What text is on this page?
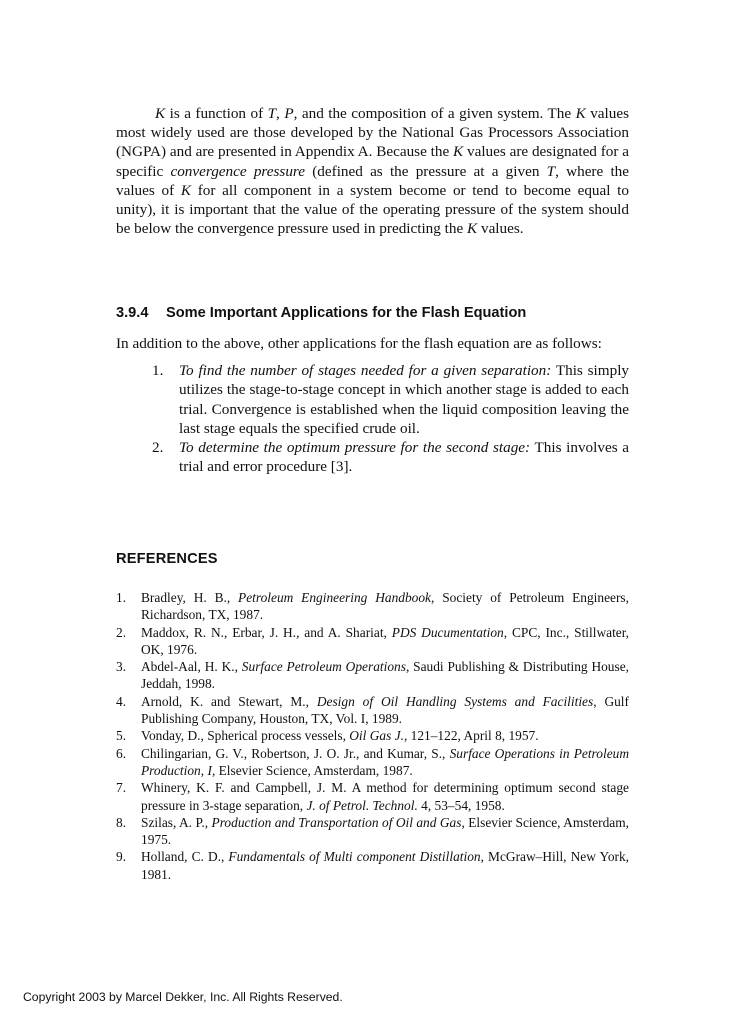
K is a function of T, P, and the composition of a given system. The K values most widely used are those developed by the National Gas Processors Association (NGPA) and are presented in Appendix A. Because the K values are designated for a specific convergence pressure (defined as the pressure at a given T, where the values of K for all component in a system become or tend to become equal to unity), it is important that the value of the operating pressure of the system should be below the convergence pressure used in predicting the K values.

3.9.4 Some Important Applications for the Flash Equation

In addition to the above, other applications for the flash equation are as follows:

1. To find the number of stages needed for a given separation: This simply utilizes the stage-to-stage concept in which another stage is added to each trial. Convergence is established when the liquid composition leaving the last stage equals the specified crude oil.
2. To determine the optimum pressure for the second stage: This involves a trial and error procedure [3].
REFERENCES
1. Bradley, H. B., Petroleum Engineering Handbook, Society of Petroleum Engineers, Richardson, TX, 1987.
2. Maddox, R. N., Erbar, J. H., and A. Shariat, PDS Ducumentation, CPC, Inc., Stillwater, OK, 1976.
3. Abdel-Aal, H. K., Surface Petroleum Operations, Saudi Publishing & Distributing House, Jeddah, 1998.
4. Arnold, K. and Stewart, M., Design of Oil Handling Systems and Facilities, Gulf Publishing Company, Houston, TX, Vol. I, 1989.
5. Vonday, D., Spherical process vessels, Oil Gas J., 121–122, April 8, 1957.
6. Chilingarian, G. V., Robertson, J. O. Jr., and Kumar, S., Surface Operations in Petroleum Production, I, Elsevier Science, Amsterdam, 1987.
7. Whinery, K. F. and Campbell, J. M. A method for determining optimum second stage pressure in 3-stage separation, J. of Petrol. Technol. 4, 53–54, 1958.
8. Szilas, A. P., Production and Transportation of Oil and Gas, Elsevier Science, Amsterdam, 1975.
9. Holland, C. D., Fundamentals of Multi component Distillation, McGraw–Hill, New York, 1981.
Copyright 2003 by Marcel Dekker, Inc. All Rights Reserved.
